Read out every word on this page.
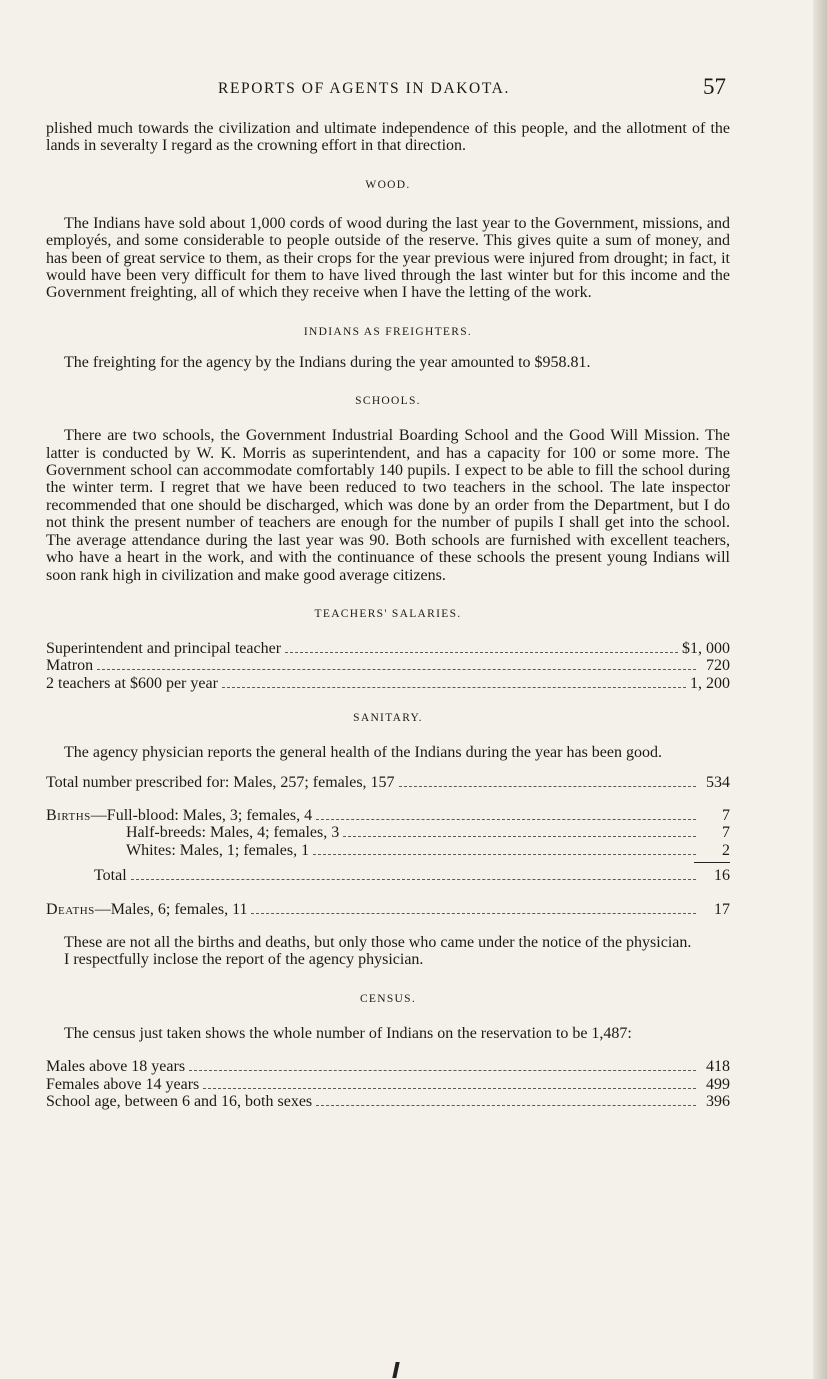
REPORTS OF AGENTS IN DAKOTA.	57

plished much towards the civilization and ultimate independence of this people, and the allotment of the lands in severalty I regard as the crowning effort in that direction.

WOOD.

The Indians have sold about 1,000 cords of wood during the last year to the Government, missions, and employés, and some considerable to people outside of the reserve. This gives quite a sum of money, and has been of great service to them, as their crops for the year previous were injured from drought; in fact, it would have been very difficult for them to have lived through the last winter but for this income and the Government freighting, all of which they receive when I have the letting of the work.

INDIANS AS FREIGHTERS.

The freighting for the agency by the Indians during the year amounted to $958.81.

SCHOOLS.

There are two schools, the Government Industrial Boarding School and the Good Will Mission. The latter is conducted by W. K. Morris as superintendent, and has a capacity for 100 or some more. The Government school can accommodate comfortably 140 pupils. I expect to be able to fill the school during the winter term. I regret that we have been reduced to two teachers in the school. The late inspector recommended that one should be discharged, which was done by an order from the Department, but I do not think the present number of teachers are enough for the number of pupils I shall get into the school. The average attendance during the last year was 90. Both schools are furnished with excellent teachers, who have a heart in the work, and with the continuance of these schools the present young Indians will soon rank high in civilization and make good average citizens.

TEACHERS' SALARIES.
Superintendent and principal teacher	$1, 000
Matron	720
2 teachers at $600 per year	1, 200
SANITARY.

The agency physician reports the general health of the Indians during the year has been good.

Total number prescribed for: Males, 257; females, 157	534
Births—Full-blood: Males, 3; females, 4	7
Half-breeds: Males, 4; females, 3	7
Whites: Males, 1; females, 1	2
Total	16
Deaths—Males, 6; females, 11	17

These are not all the births and deaths, but only those who came under the notice of the physician.

I respectfully inclose the report of the agency physician.

CENSUS.

The census just taken shows the whole number of Indians on the reservation to be 1,487:

Males above 18 years	418
Females above 14 years	499
School age, between 6 and 16, both sexes	396
